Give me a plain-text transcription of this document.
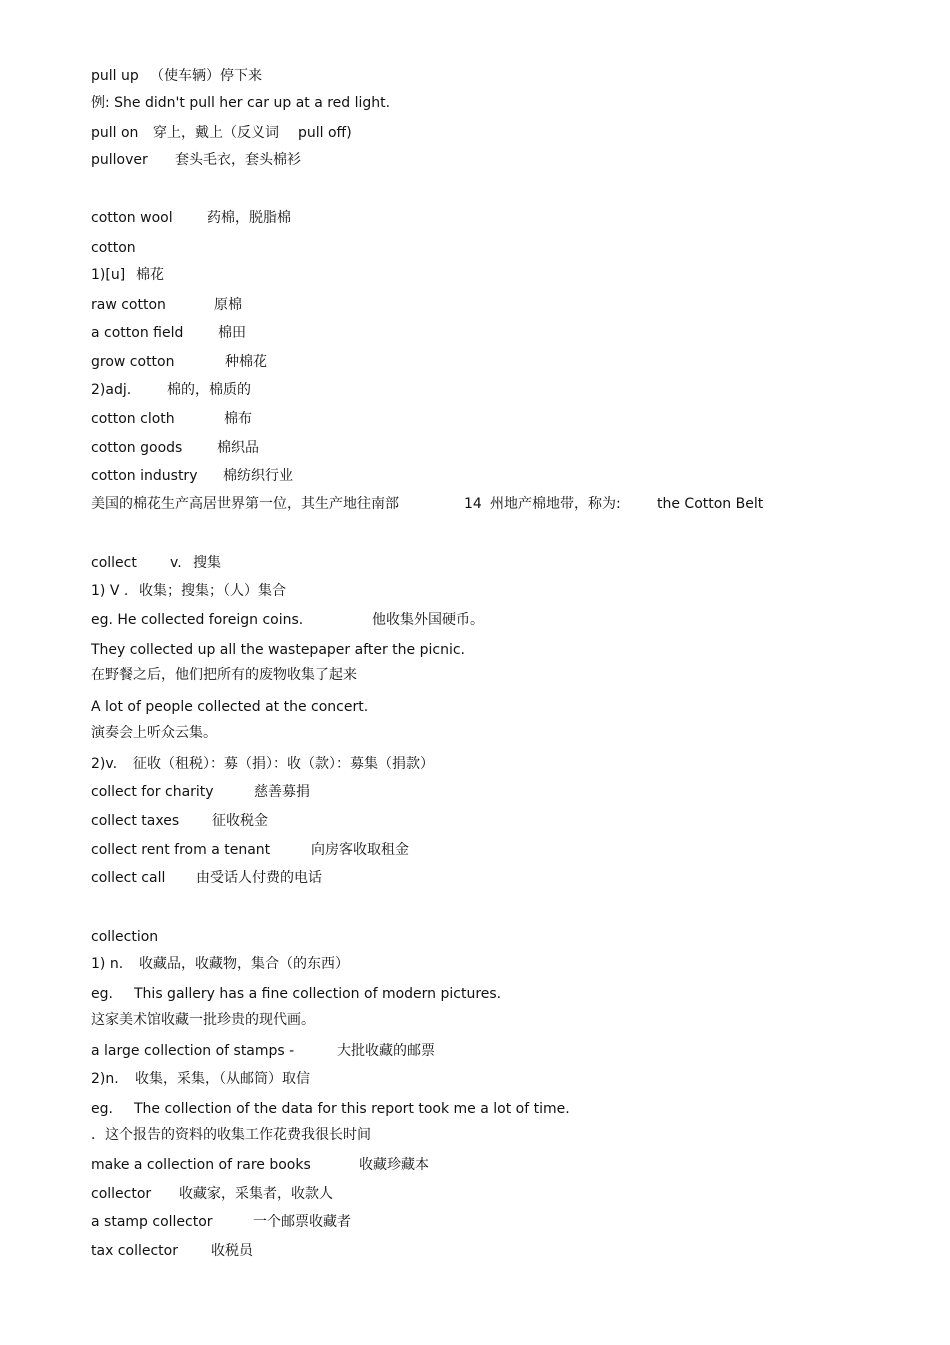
pull up （使车辆）停下来
例: She didn't pull her car up at a red light.
pull on 穿上，戴上（反义词 pull off)
pullover 套头毛衣，套头棉衫
cotton wool 药棉，脱脂棉
cotton
1)[u] 棉花
raw cotton	原棉
a cotton field 棉田
grow cotton	种棉花
2)adj.	棉的，棉质的
cotton cloth	棉布
cotton goods 棉织品
cotton industry 棉纺织行业
美国的棉花生产高居世界第一位，其生产地往南部	14 州地产棉地带，称为:	the Cotton Belt
collect v. 搜集
1) V . 收集；搜集；（人）集合
eg. He collected foreign coins.	他收集外国硬币。
They collected up all the wastepaper after the picnic.
在野餐之后，他们把所有的废物收集了起来
A lot of people collected at the concert.
演奏会上听众云集。
2)v. 征收（租税）：募（捐）：收（款）：募集（捐款）
collect for charity	慈善募捐
collect taxes 征收税金
collect rent from a tenant	向房客收取租金
collect call 由受话人付费的电话
collection
1) n. 收藏品，收藏物，集合（的东西）
eg. This gallery has a fine collection of modern pictures.
这家美术馆收藏一批珍贵的现代画。
a large collection of stamps -	大批收藏的邮票
2)n. 收集，采集，（从邮筒）取信
eg. The collection of the data for this report took me a lot of time.
．这个报告的资料的收集工作花费我很长时间
make a collection of rare books	收藏珍藏本
collector 收藏家，采集者，收款人
a stamp collector	一个邮票收藏者
tax collector 收税员
